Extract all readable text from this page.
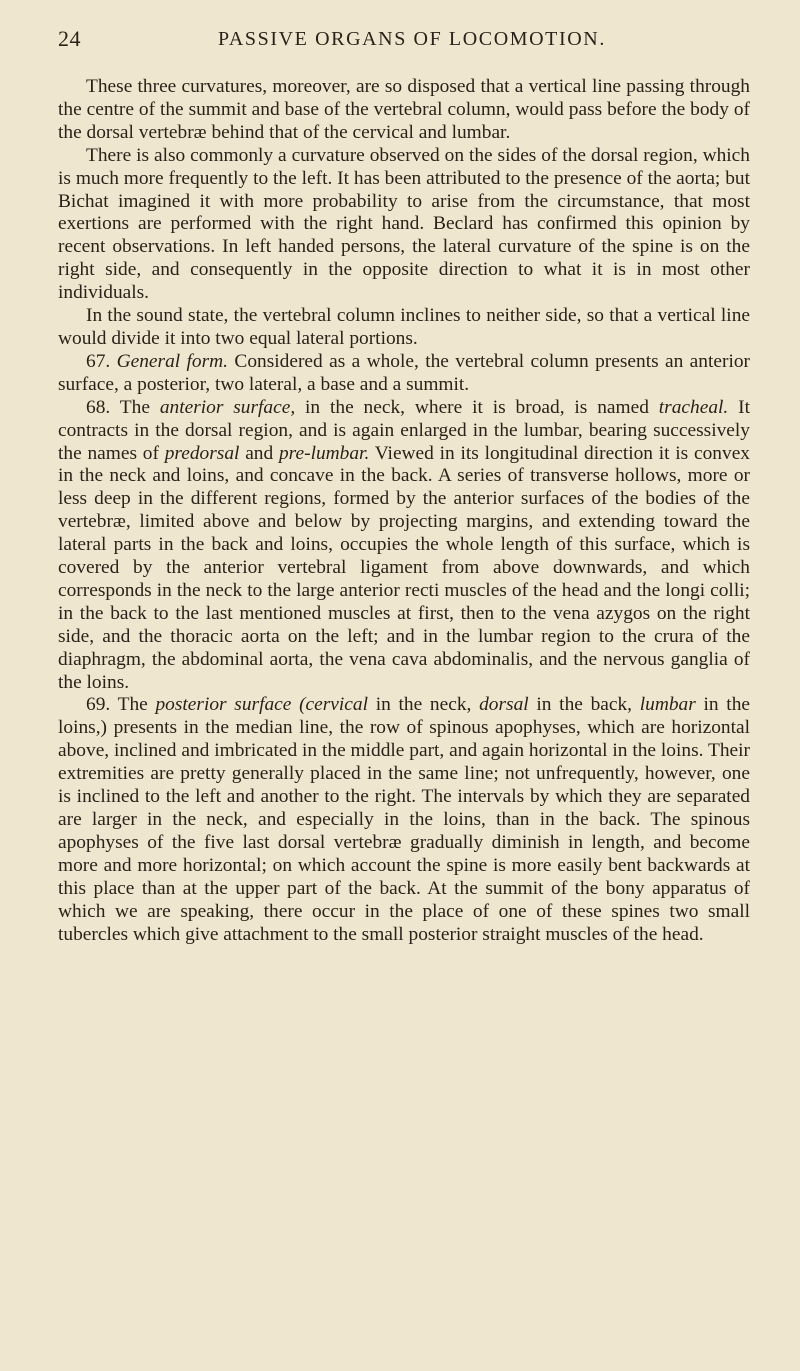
24	PASSIVE ORGANS OF LOCOMOTION.

These three curvatures, moreover, are so disposed that a vertical line passing through the centre of the summit and base of the vertebral column, would pass before the body of the dorsal vertebræ behind that of the cervical and lumbar.

There is also commonly a curvature observed on the sides of the dorsal region, which is much more frequently to the left. It has been attributed to the presence of the aorta; but Bichat imagined it with more probability to arise from the circumstance, that most exertions are performed with the right hand. Beclard has confirmed this opinion by recent observations. In left handed persons, the lateral curvature of the spine is on the right side, and consequently in the opposite direction to what it is in most other individuals.

In the sound state, the vertebral column inclines to neither side, so that a vertical line would divide it into two equal lateral portions.

67. General form. Considered as a whole, the vertebral column presents an anterior surface, a posterior, two lateral, a base and a summit.

68. The anterior surface, in the neck, where it is broad, is named tracheal. It contracts in the dorsal region, and is again enlarged in the lumbar, bearing successively the names of predorsal and pre-lumbar. Viewed in its longitudinal direction it is convex in the neck and loins, and concave in the back. A series of transverse hollows, more or less deep in the different regions, formed by the anterior surfaces of the bodies of the vertebræ, limited above and below by projecting margins, and extending toward the lateral parts in the back and loins, occupies the whole length of this surface, which is covered by the anterior vertebral ligament from above downwards, and which corresponds in the neck to the large anterior recti muscles of the head and the longi colli; in the back to the last mentioned muscles at first, then to the vena azygos on the right side, and the thoracic aorta on the left; and in the lumbar region to the crura of the diaphragm, the abdominal aorta, the vena cava abdominalis, and the nervous ganglia of the loins.

69. The posterior surface (cervical in the neck, dorsal in the back, lumbar in the loins,) presents in the median line, the row of spinous apophyses, which are horizontal above, inclined and imbricated in the middle part, and again horizontal in the loins. Their extremities are pretty generally placed in the same line; not unfrequently, however, one is inclined to the left and another to the right. The intervals by which they are separated are larger in the neck, and especially in the loins, than in the back. The spinous apophyses of the five last dorsal vertebræ gradually diminish in length, and become more and more horizontal; on which account the spine is more easily bent backwards at this place than at the upper part of the back. At the summit of the bony apparatus of which we are speaking, there occur in the place of one of these spines two small tubercles which give attachment to the small posterior straight muscles of the head.
